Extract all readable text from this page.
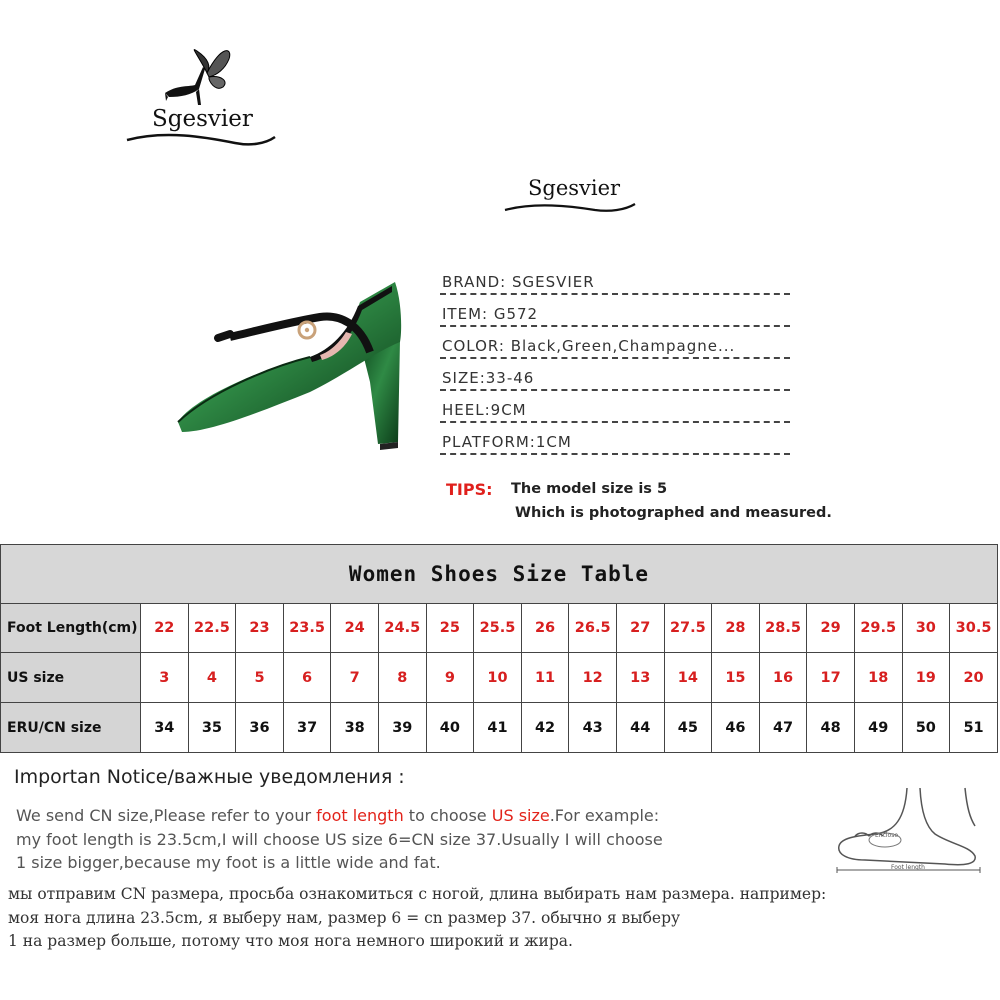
Sgesvier
Sgesvier
BRAND: SGESVIER
ITEM: G572
COLOR: Black,Green,Champagne...
SIZE:33-46
HEEL:9CM
PLATFORM:1CM
TIPS: The model size is 5
Which is photographed and measured.
Women Shoes Size Table																		
Foot Length(cm)	22	22.5	23	23.5	24	24.5	25	25.5	26	26.5	27	27.5	28	28.5	29	29.5	30	30.5
US size	3	4	5	6	7	8	9	10	11	12	13	14	15	16	17	18	19	20
ERU/CN size	34	35	36	37	38	39	40	41	42	43	44	45	46	47	48	49	50	51
Importan Notice/важные уведомления :
We send CN size,Please refer to your foot length to choose US size.For example:
my foot length is 23.5cm,I will choose US size 6=CN size 37.Usually I will choose
1 size bigger,because my foot is a little wide and fat.
мы отправим CN размера, просьба ознакомиться с ногой, длина выбирать нам размера. например:
моя нога длина 23.5cm, я выберу нам, размер 6 = cn размер 37. обычно я выберу
1 на размер больше, потому что моя нога немного широкий и жира.
Enclose
Foot length
